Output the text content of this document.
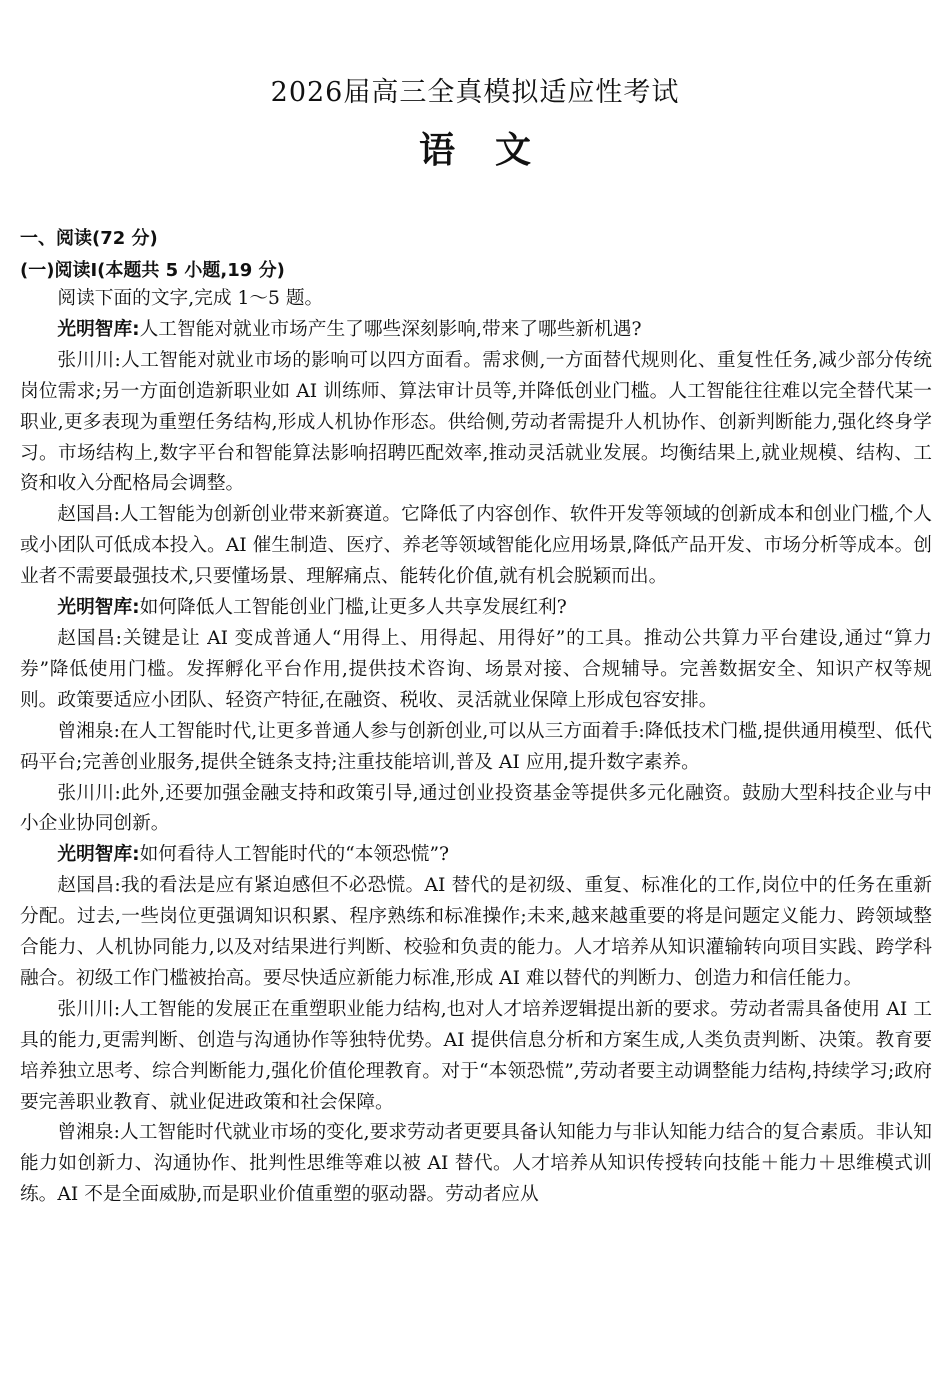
2026届高三全真模拟适应性考试
语文
一、阅读(72 分)
(一)阅读Ⅰ(本题共 5 小题,19 分)

阅读下面的文字,完成 1～5 题。

光明智库:人工智能对就业市场产生了哪些深刻影响,带来了哪些新机遇?

张川川:人工智能对就业市场的影响可以四方面看。需求侧,一方面替代规则化、重复性任务,减少部分传统岗位需求;另一方面创造新职业如 AI 训练师、算法审计员等,并降低创业门槛。人工智能往往难以完全替代某一职业,更多表现为重塑任务结构,形成人机协作形态。供给侧,劳动者需提升人机协作、创新判断能力,强化终身学习。市场结构上,数字平台和智能算法影响招聘匹配效率,推动灵活就业发展。均衡结果上,就业规模、结构、工资和收入分配格局会调整。

赵国昌:人工智能为创新创业带来新赛道。它降低了内容创作、软件开发等领域的创新成本和创业门槛,个人或小团队可低成本投入。AI 催生制造、医疗、养老等领域智能化应用场景,降低产品开发、市场分析等成本。创业者不需要最强技术,只要懂场景、理解痛点、能转化价值,就有机会脱颖而出。

光明智库:如何降低人工智能创业门槛,让更多人共享发展红利?

赵国昌:关键是让 AI 变成普通人“用得上、用得起、用得好”的工具。推动公共算力平台建设,通过“算力券”降低使用门槛。发挥孵化平台作用,提供技术咨询、场景对接、合规辅导。完善数据安全、知识产权等规则。政策要适应小团队、轻资产特征,在融资、税收、灵活就业保障上形成包容安排。

曾湘泉:在人工智能时代,让更多普通人参与创新创业,可以从三方面着手:降低技术门槛,提供通用模型、低代码平台;完善创业服务,提供全链条支持;注重技能培训,普及 AI 应用,提升数字素养。

张川川:此外,还要加强金融支持和政策引导,通过创业投资基金等提供多元化融资。鼓励大型科技企业与中小企业协同创新。

光明智库:如何看待人工智能时代的“本领恐慌”?

赵国昌:我的看法是应有紧迫感但不必恐慌。AI 替代的是初级、重复、标准化的工作,岗位中的任务在重新分配。过去,一些岗位更强调知识积累、程序熟练和标准操作;未来,越来越重要的将是问题定义能力、跨领域整合能力、人机协同能力,以及对结果进行判断、校验和负责的能力。人才培养从知识灌输转向项目实践、跨学科融合。初级工作门槛被抬高。要尽快适应新能力标准,形成 AI 难以替代的判断力、创造力和信任能力。

张川川:人工智能的发展正在重塑职业能力结构,也对人才培养逻辑提出新的要求。劳动者需具备使用 AI 工具的能力,更需判断、创造与沟通协作等独特优势。AI 提供信息分析和方案生成,人类负责判断、决策。教育要培养独立思考、综合判断能力,强化价值伦理教育。对于“本领恐慌”,劳动者要主动调整能力结构,持续学习;政府要完善职业教育、就业促进政策和社会保障。

曾湘泉:人工智能时代就业市场的变化,要求劳动者更要具备认知能力与非认知能力结合的复合素质。非认知能力如创新力、沟通协作、批判性思维等难以被 AI 替代。人才培养从知识传授转向技能＋能力＋思维模式训练。AI 不是全面威胁,而是职业价值重塑的驱动器。劳动者应从
